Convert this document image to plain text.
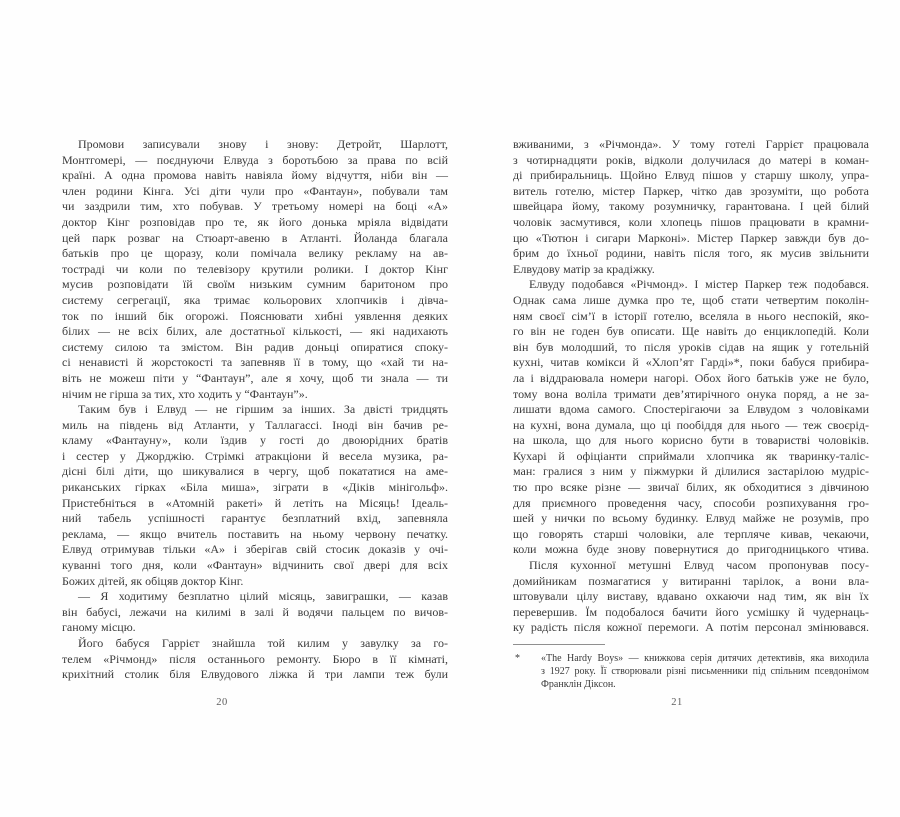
Промови записували знову і знову: Детройт, Шарлотт,
Монтгомері, — поєднуючи Елвуда з боротьбою за права по всій
країні. А одна промова навіть навіяла йому відчуття, ніби він —
член родини Кінга. Усі діти чули про «Фантаун», побували там
чи заздрили тим, хто побував. У третьому номері на боці «А»
доктор Кінг розповідав про те, як його донька мріяла відвідати
цей парк розваг на Стюарт-авеню в Атланті. Йоланда благала
батьків про це щоразу, коли помічала велику рекламу на ав-
тостраді чи коли по телевізору крутили ролики. І доктор Кінг
мусив розповідати їй своїм низьким сумним баритоном про
систему сегрегації, яка тримає кольорових хлопчиків і дівча-
ток по інший бік огорожі. Пояснювати хибні уявлення деяких
білих — не всіх білих, але достатньої кількості, — які надихають
систему силою та змістом. Він радив доньці опиратися споку-
сі ненависті й жорстокості та запевняв її в тому, що «хай ти на-
віть не можеш піти у “Фантаун”, але я хочу, щоб ти знала — ти
нічим не гірша за тих, хто ходить у “Фантаун”».
Таким був і Елвуд — не гіршим за інших. За двісті тридцять
миль на південь від Атланти, у Таллагассі. Іноді він бачив ре-
кламу «Фантауну», коли їздив у гості до двоюрідних братів
і сестер у Джорджію. Стрімкі атракціони й весела музика, ра-
дісні білі діти, що шикувалися в чергу, щоб покататися на аме-
риканських гірках «Біла миша», зіграти в «Діків мінігольф».
Пристебніться в «Атомній ракеті» й летіть на Місяць! Ідеаль-
ний табель успішності гарантує безплатний вхід, запевняла
реклама, — якщо вчитель поставить на ньому червону печатку.
Елвуд отримував тільки «А» і зберігав свій стосик доказів у очі-
куванні того дня, коли «Фантаун» відчинить свої двері для всіх
Божих дітей, як обіцяв доктор Кінг.
— Я ходитиму безплатно цілий місяць, завиграшки, — казав
він бабусі, лежачи на килимі в залі й водячи пальцем по вичов-
ганому місцю.
Його бабуся Гаррієт знайшла той килим у завулку за го-
телем «Річмонд» після останнього ремонту. Бюро в її кімнаті,
крихітний столик біля Елвудового ліжка й три лампи теж були
вживаними, з «Річмонда». У тому готелі Гаррієт працювала
з чотирнадцяти років, відколи долучилася до матері в коман-
ді прибиральниць. Щойно Елвуд пішов у старшу школу, упра-
витель готелю, містер Паркер, чітко дав зрозуміти, що робота
швейцара йому, такому розумничку, гарантована. І цей білий
чоловік засмутився, коли хлопець пішов працювати в крамни-
цю «Тютюн і сигари Марконі». Містер Паркер завжди був до-
брим до їхньої родини, навіть після того, як мусив звільнити
Елвудову матір за крадіжку.
Елвуду подобався «Річмонд». І містер Паркер теж подобався.
Однак сама лише думка про те, щоб стати четвертим поколін-
ням своєї сім’ї в історії готелю, вселяла в нього неспокій, яко-
го він не годен був описати. Ще навіть до енциклопедій. Коли
він був молодший, то після уроків сідав на ящик у готельній
кухні, читав комікси й «Хлоп’ят Гарді»*, поки бабуся прибира-
ла і віддраювала номери нагорі. Обох його батьків уже не було,
тому вона воліла тримати дев’ятирічного онука поряд, а не за-
лишати вдома самого. Спостерігаючи за Елвудом з чоловіками
на кухні, вона думала, що ці пообіддя для нього — теж своєрід-
на школа, що для нього корисно бути в товаристві чоловіків.
Кухарі й офіціанти сприймали хлопчика як тваринку-таліс-
ман: гралися з ним у піжмурки й ділилися застарілою мудріс-
тю про всяке різне — звичаї білих, як обходитися з дівчиною
для приємного проведення часу, способи розпихування гро-
шей у нички по всьому будинку. Елвуд майже не розумів, про
що говорять старші чоловіки, але терпляче кивав, чекаючи,
коли можна буде знову повернутися до пригодницького чтива.
Після кухонної метушні Елвуд часом пропонував посу-
домийникам позмагатися у витиранні тарілок, а вони вла-
штовували цілу виставу, вдавано охкаючи над тим, як він їх
перевершив. Їм подобалося бачити його усмішку й чудернаць-
ку радість після кожної перемоги. А потім персонал змінювався.
* «The Hardy Boys» — книжкова серія дитячих детективів, яка виходила
з 1927 року. Її створювали різні письменники під спільним псевдонімом
Франклін Діксон.
20	21
